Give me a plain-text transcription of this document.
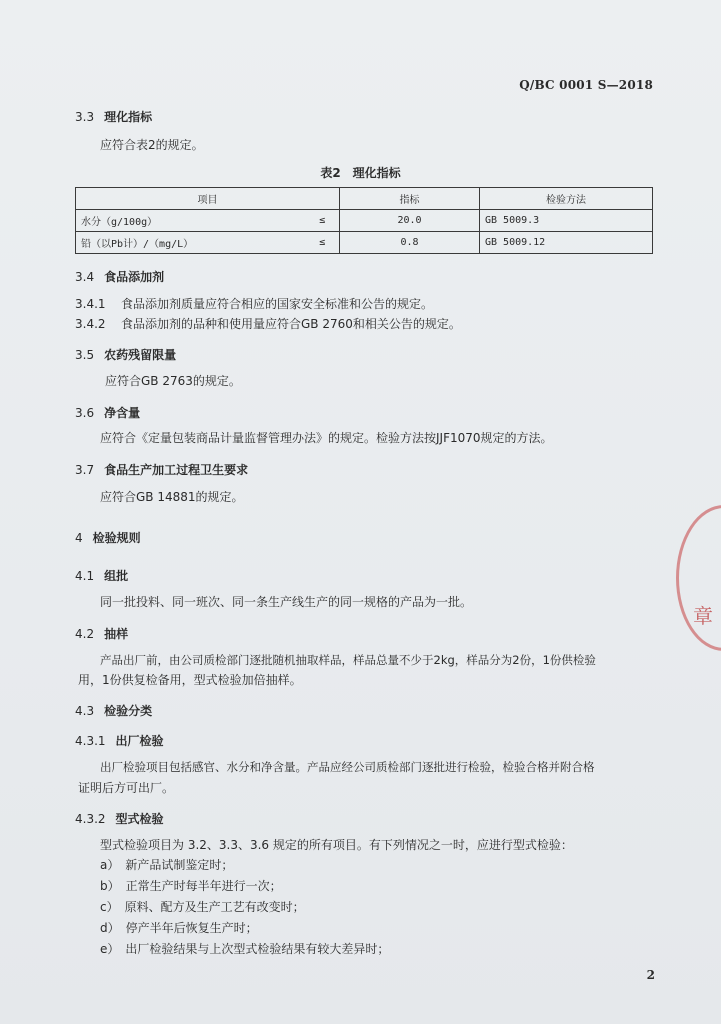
Q/BC 0001 S—2018
3.3 理化指标
应符合表2的规定。
表2　理化指标
项目		指标	检验方法
水分（g/100g）	≤	20.0	GB 5009.3
铅（以Pb计）/（mg/L）	≤	0.8	GB 5009.12
3.4 食品添加剂
3.4.1 食品添加剂质量应符合相应的国家安全标准和公告的规定。
3.4.2 食品添加剂的品种和使用量应符合GB 2760和相关公告的规定。
3.5 农药残留限量
应符合GB 2763的规定。
3.6 净含量
应符合《定量包装商品计量监督管理办法》的规定。检验方法按JJF1070规定的方法。
3.7 食品生产加工过程卫生要求
应符合GB 14881的规定。
4 检验规则
4.1 组批
同一批投料、同一班次、同一条生产线生产的同一规格的产品为一批。
4.2 抽样
产品出厂前，由公司质检部门逐批随机抽取样品，样品总量不少于2kg，样品分为2份，1份供检验
用，1份供复检备用，型式检验加倍抽样。
4.3 检验分类
4.3.1 出厂检验
出厂检验项目包括感官、水分和净含量。产品应经公司质检部门逐批进行检验，检验合格并附合格
证明后方可出厂。
4.3.2 型式检验
型式检验项目为 3.2、3.3、3.6 规定的所有项目。有下列情况之一时，应进行型式检验：
a）　新产品试制鉴定时；
b）　正常生产时每半年进行一次；
c）　原料、配方及生产工艺有改变时；
d）　停产半年后恢复生产时；
e）　出厂检验结果与上次型式检验结果有较大差异时；
章
2
